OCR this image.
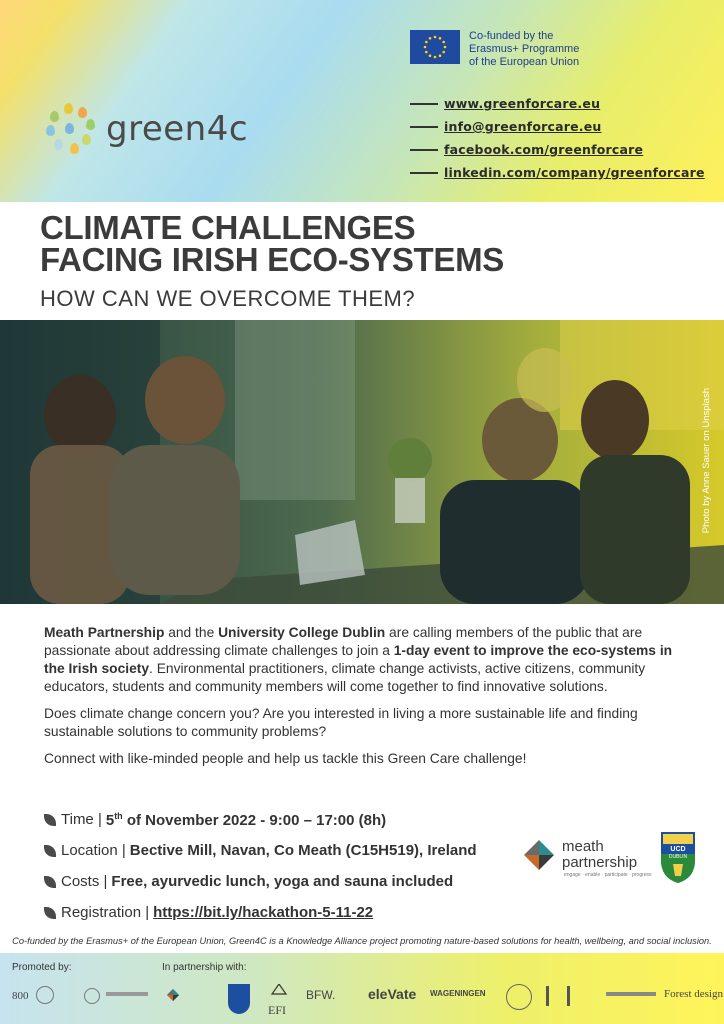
Co-funded by the
Erasmus+ Programme
of the European Union
green4c
www.greenforcare.eu
info@greenforcare.eu
facebook.com/greenforcare
linkedin.com/company/greenforcare
CLIMATE CHALLENGES
FACING IRISH ECO-SYSTEMS
HOW CAN WE OVERCOME THEM?
Photo by Anne Sauer on Unsplash

Meath Partnership and the University College Dublin are calling members of the public that are passionate about addressing climate challenges to join a 1-day event to improve the eco-systems in the Irish society. Environmental practitioners, climate change activists, active citizens, community educators, students and community members will come together to find innovative solutions.

Does climate change concern you? Are you interested in living a more sustainable life and finding sustainable solutions to community problems?

Connect with like-minded people and help us tackle this Green Care challenge!

Time | 5th of November 2022 - 9:00 – 17:00 (8h)
Location | Bective Mill, Navan, Co Meath (C15H519), Ireland
Costs | Free, ayurvedic lunch, yoga and sauna included
Registration | https://bit.ly/hackathon-5-11-22
meath
partnership
engage · enable · participate · progress
UCD
DUBLIN
Co-funded by the Erasmus+ of the European Union, Green4C is a Knowledge Alliance project promoting nature-based solutions for health, wellbeing, and social inclusion.
Promoted by:	In partnership with:
800
EFI
BFW. eleVate WAGENINGEN	Forest design
